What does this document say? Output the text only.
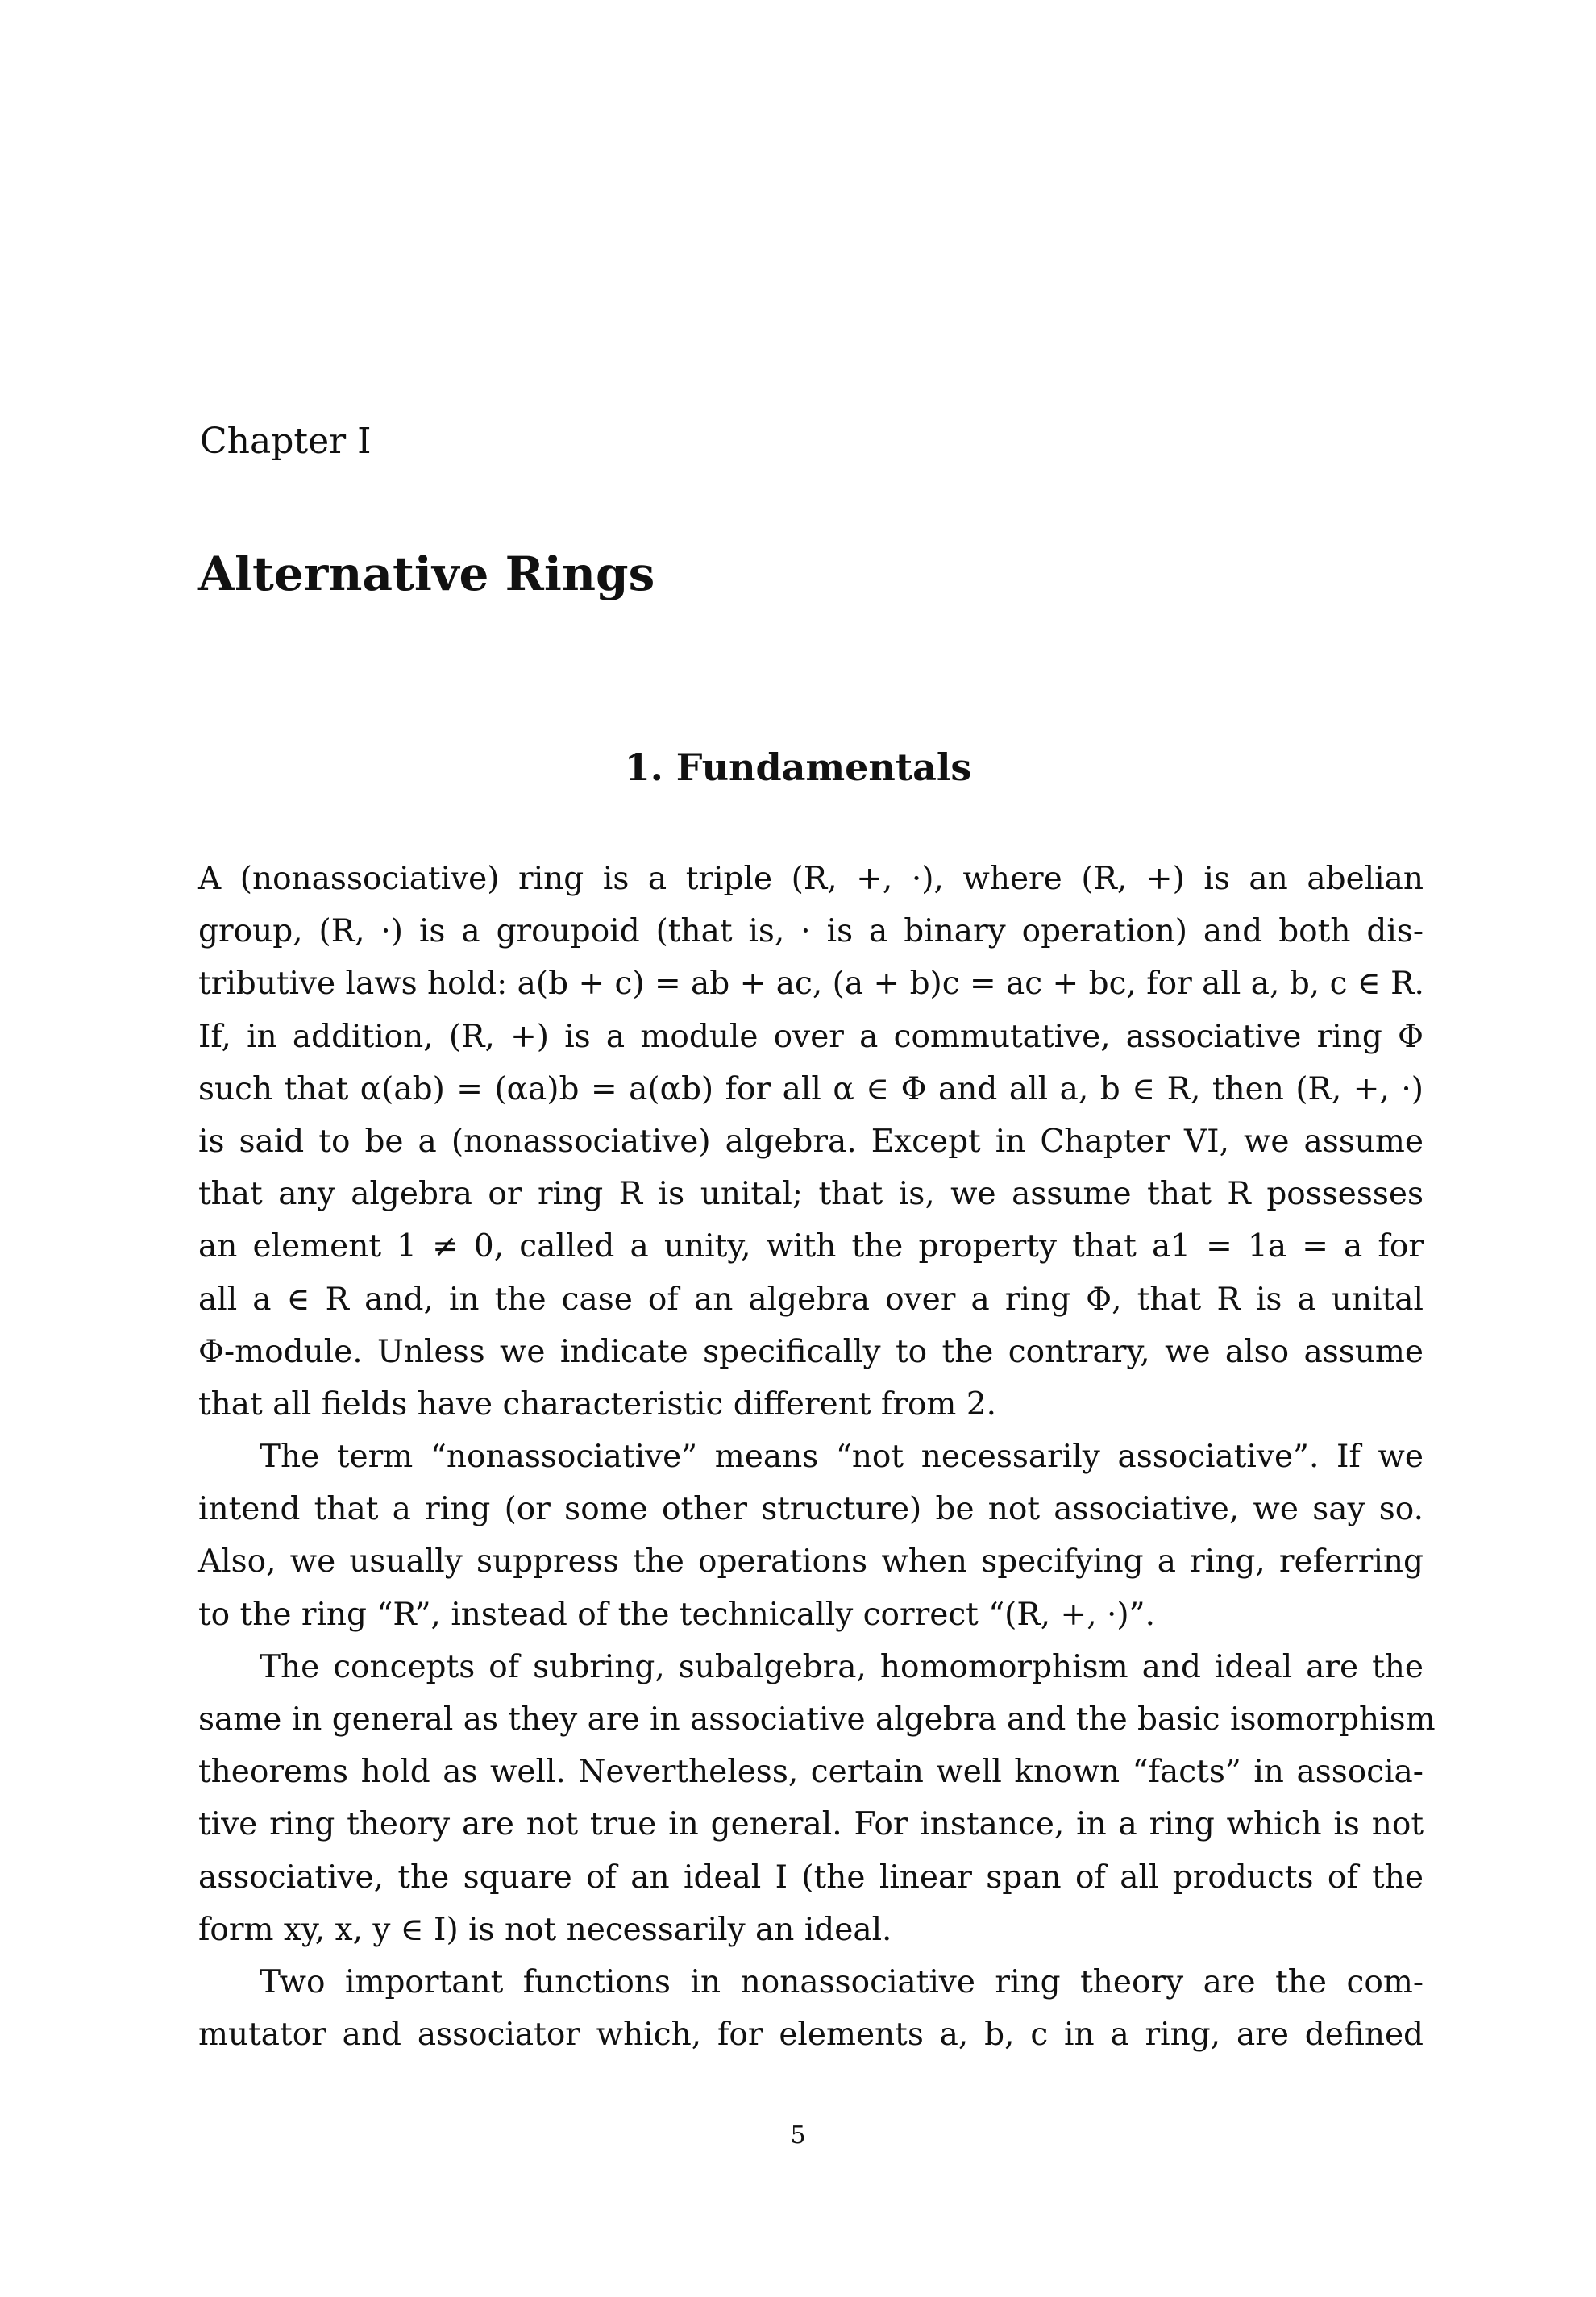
Chapter I
Alternative Rings
1. Fundamentals
A (nonassociative) ring is a triple (R, +, ·), where (R, +) is an abelian
group, (R, ·) is a groupoid (that is, · is a binary operation) and both dis-
tributive laws hold: a(b + c) = ab + ac, (a + b)c = ac + bc, for all a, b, c ∈ R.
If, in addition, (R, +) is a module over a commutative, associative ring Φ
such that α(ab) = (αa)b = a(αb) for all α ∈ Φ and all a, b ∈ R, then (R, +, ·)
is said to be a (nonassociative) algebra. Except in Chapter VI, we assume
that any algebra or ring R is unital; that is, we assume that R possesses
an element 1 ≠ 0, called a unity, with the property that a1 = 1a = a for
all a ∈ R and, in the case of an algebra over a ring Φ, that R is a unital
Φ-module. Unless we indicate specifically to the contrary, we also assume
that all fields have characteristic different from 2.
The term “nonassociative” means “not necessarily associative”. If we
intend that a ring (or some other structure) be not associative, we say so.
Also, we usually suppress the operations when specifying a ring, referring
to the ring “R”, instead of the technically correct “(R, +, ·)”.
The concepts of subring, subalgebra, homomorphism and ideal are the
same in general as they are in associative algebra and the basic isomorphism
theorems hold as well. Nevertheless, certain well known “facts” in associa-
tive ring theory are not true in general. For instance, in a ring which is not
associative, the square of an ideal I (the linear span of all products of the
form xy, x, y ∈ I) is not necessarily an ideal.
Two important functions in nonassociative ring theory are the com-
mutator and associator which, for elements a, b, c in a ring, are defined
5
